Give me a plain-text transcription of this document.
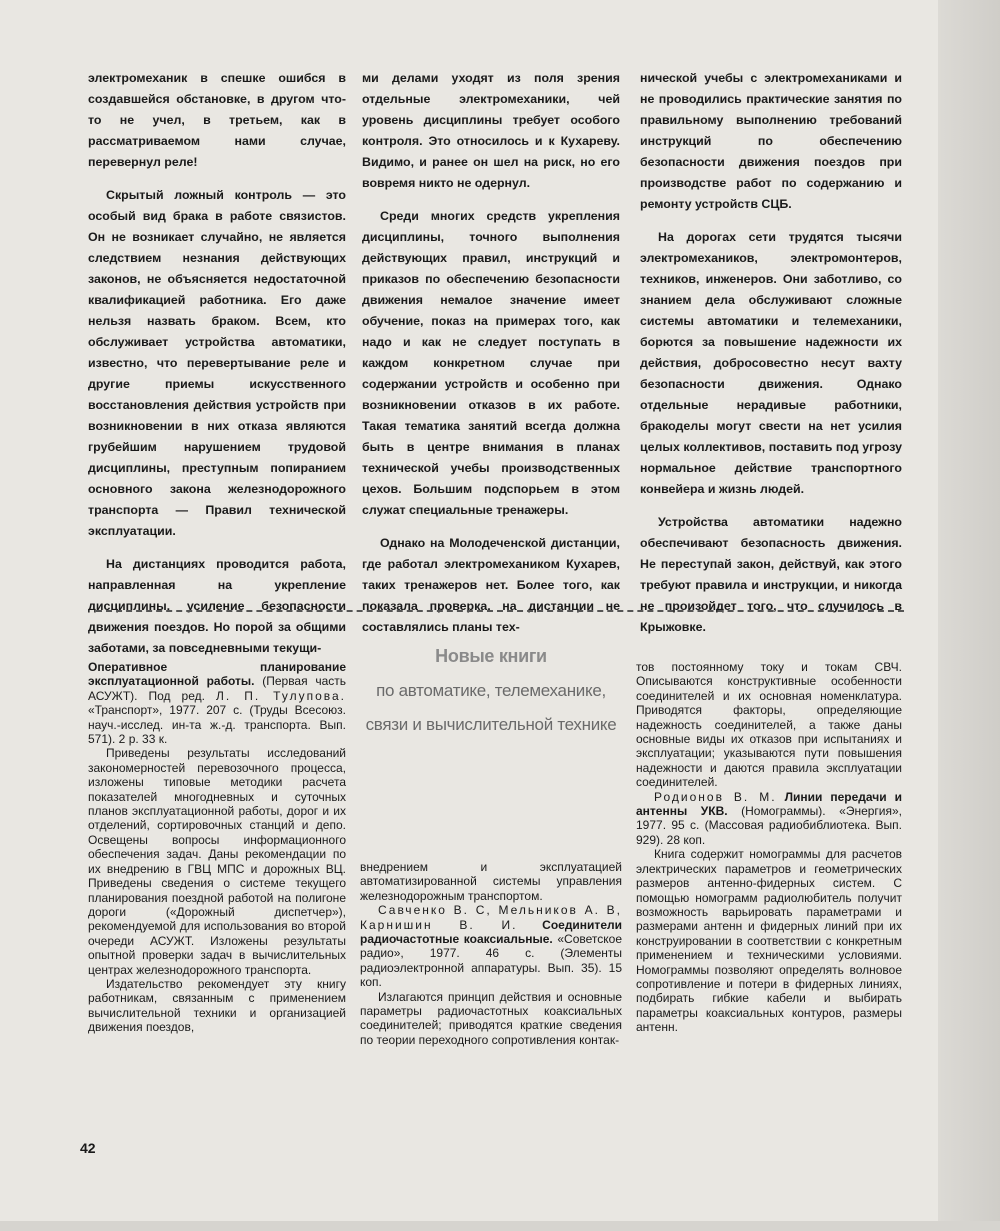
электромеханик в спешке ошибся в создавшейся обстановке, в другом что-то не учел, в третьем, как в рассматриваемом нами случае, перевернул реле!

Скрытый ложный контроль — это особый вид брака в работе связистов. Он не возникает случайно, не является следствием незнания действующих законов, не объясняется недостаточной квалификацией работника. Его даже нельзя назвать браком. Всем, кто обслуживает устройства автоматики, известно, что перевертывание реле и другие приемы искусственного восстановления действия устройств при возникновении в них отказа являются грубейшим нарушением трудовой дисциплины, преступным попиранием основного закона железнодорожного транспорта — Правил технической эксплуатации.

На дистанциях проводится работа, направленная на укрепление дисциплины, усиление безопасности движения поездов. Но порой за общими заботами, за повседневными текущи-

ми делами уходят из поля зрения отдельные электромеханики, чей уровень дисциплины требует особого контроля. Это относилось и к Кухареву. Видимо, и ранее он шел на риск, но его вовремя никто не одернул.

Среди многих средств укрепления дисциплины, точного выполнения действующих правил, инструкций и приказов по обеспечению безопасности движения немалое значение имеет обучение, показ на примерах того, как надо и как не следует поступать в каждом конкретном случае при содержании устройств и особенно при возникновении отказов в их работе. Такая тематика занятий всегда должна быть в центре внимания в планах технической учебы производственных цехов. Большим подспорьем в этом служат специальные тренажеры.

Однако на Молодеченской дистанции, где работал электромехаником Кухарев, таких тренажеров нет. Более того, как показала проверка, на дистанции не составлялись планы тех-

нической учебы с электромеханиками и не проводились практические занятия по правильному выполнению требований инструкций по обеспечению безопасности движения поездов при производстве работ по содержанию и ремонту устройств СЦБ.

На дорогах сети трудятся тысячи электромехаников, электромонтеров, техников, инженеров. Они заботливо, со знанием дела обслуживают сложные системы автоматики и телемеханики, борются за повышение надежности их действия, добросовестно несут вахту безопасности движения. Однако отдельные нерадивые работники, бракоделы могут свести на нет усилия целых коллективов, поставить под угрозу нормальное действие транспортного конвейера и жизнь людей.

Устройства автоматики надежно обеспечивают безопасность движения. Не переступай закон, действуй, как этого требуют правила и инструкции, и никогда не произойдет того, что случилось в Крыжовке.

Новые книги
по автоматике, телемеханике,
связи и вычислительной технике

Оперативное планирование эксплуатационной работы. (Первая часть АСУЖТ). Под ред. Л. П. Тулупова. «Транспорт», 1977. 207 с. (Труды Всесоюз. науч.-исслед. ин-та ж.-д. транспорта. Вып. 571). 2 р. 33 к.

Приведены результаты исследований закономерностей перевозочного процесса, изложены типовые методики расчета показателей многодневных и суточных планов эксплуатационной работы, дорог и их отделений, сортировочных станций и депо. Освещены вопросы информационного обеспечения задач. Даны рекомендации по их внедрению в ГВЦ МПС и дорожных ВЦ. Приведены сведения о системе текущего планирования поездной работой на полигоне дороги («Дорожный диспетчер»), рекомендуемой для использования во второй очереди АСУЖТ. Изложены результаты опытной проверки задач в вычислительных центрах железнодорожного транспорта.

Издательство рекомендует эту книгу работникам, связанным с применением вычислительной техники и организацией движения поездов,

внедрением и эксплуатацией автоматизированной системы управления железнодорожным транспортом.

Савченко В. С, Мельников А. В, Карнишин В. И. Соединители радиочастотные коаксиальные. «Советское радио», 1977. 46 с. (Элементы радиоэлектронной аппаратуры. Вып. 35). 15 коп.

Излагаются принцип действия и основные параметры радиочастотных коаксиальных соединителей; приводятся краткие сведения по теории переходного сопротивления контак-

тов постоянному току и токам СВЧ. Описываются конструктивные особенности соединителей и их основная номенклатура. Приводятся факторы, определяющие надежность соединителей, а также даны основные виды их отказов при испытаниях и эксплуатации; указываются пути повышения надежности и даются правила эксплуатации соединителей.

Родионов В. М. Линии передачи и антенны УКВ. (Номограммы). «Энергия», 1977. 95 с. (Массовая радиобиблиотека. Вып. 929). 28 коп.

Книга содержит номограммы для расчетов электрических параметров и геометрических размеров антенно-фидерных систем. С помощью номограмм радиолюбитель получит возможность варьировать параметрами и размерами антенн и фидерных линий при их конструировании в соответствии с конкретным применением и техническими условиями. Номограммы позволяют определять волновое сопротивление и потери в фидерных линиях, подбирать гибкие кабели и выбирать параметры коаксиальных контуров, размеры антенн.

42
